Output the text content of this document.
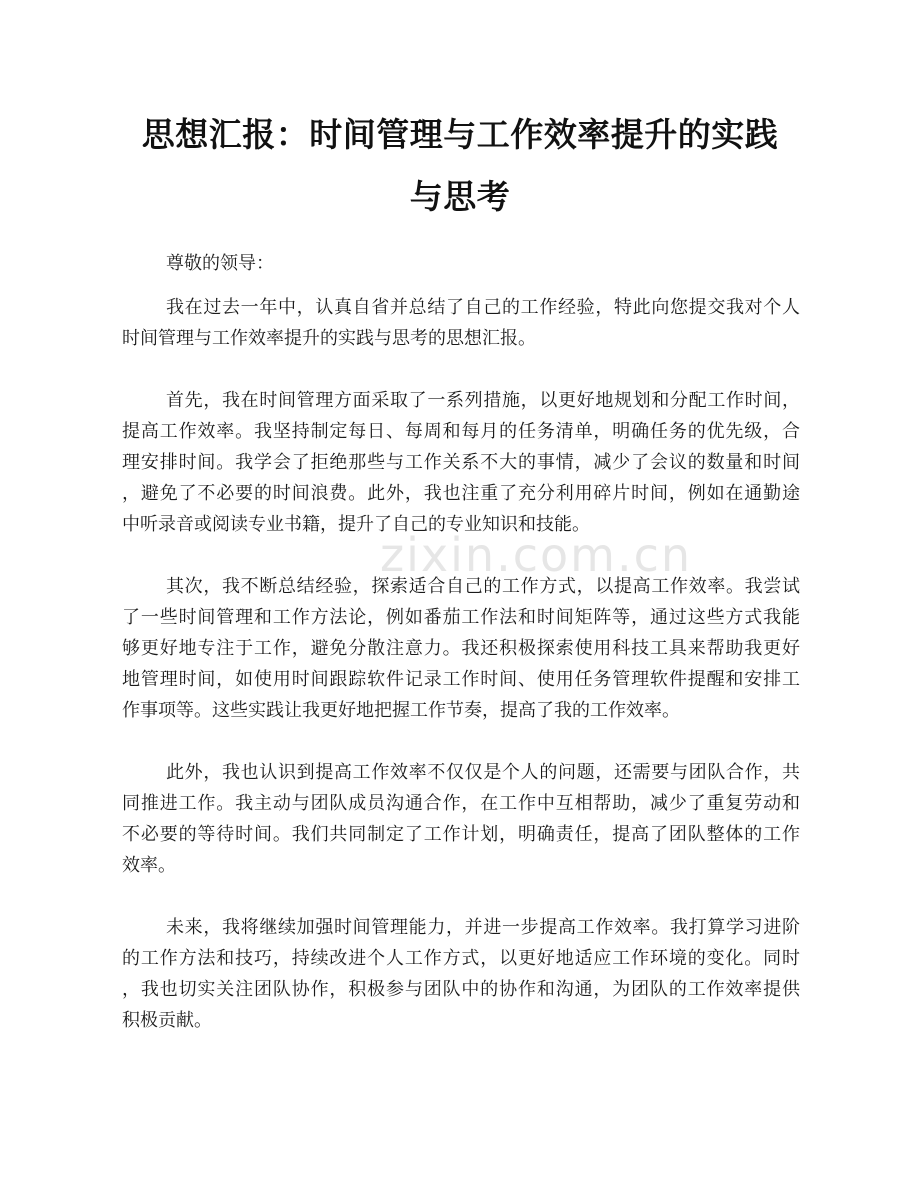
zixin.com.cn
思想汇报：时间管理与工作效率提升的实践
与思考

尊敬的领导：

我在过去一年中，认真自省并总结了自己的工作经验，特此向您提交我对个人
时间管理与工作效率提升的实践与思考的思想汇报。

首先，我在时间管理方面采取了一系列措施，以更好地规划和分配工作时间，
提高工作效率。我坚持制定每日、每周和每月的任务清单，明确任务的优先级，合
理安排时间。我学会了拒绝那些与工作关系不大的事情，减少了会议的数量和时间
，避免了不必要的时间浪费。此外，我也注重了充分利用碎片时间，例如在通勤途
中听录音或阅读专业书籍，提升了自己的专业知识和技能。

其次，我不断总结经验，探索适合自己的工作方式，以提高工作效率。我尝试
了一些时间管理和工作方法论，例如番茄工作法和时间矩阵等，通过这些方式我能
够更好地专注于工作，避免分散注意力。我还积极探索使用科技工具来帮助我更好
地管理时间，如使用时间跟踪软件记录工作时间、使用任务管理软件提醒和安排工
作事项等。这些实践让我更好地把握工作节奏，提高了我的工作效率。

此外，我也认识到提高工作效率不仅仅是个人的问题，还需要与团队合作，共
同推进工作。我主动与团队成员沟通合作，在工作中互相帮助，减少了重复劳动和
不必要的等待时间。我们共同制定了工作计划，明确责任，提高了团队整体的工作
效率。

未来，我将继续加强时间管理能力，并进一步提高工作效率。我打算学习进阶
的工作方法和技巧，持续改进个人工作方式，以更好地适应工作环境的变化。同时
，我也切实关注团队协作，积极参与团队中的协作和沟通，为团队的工作效率提供
积极贡献。
